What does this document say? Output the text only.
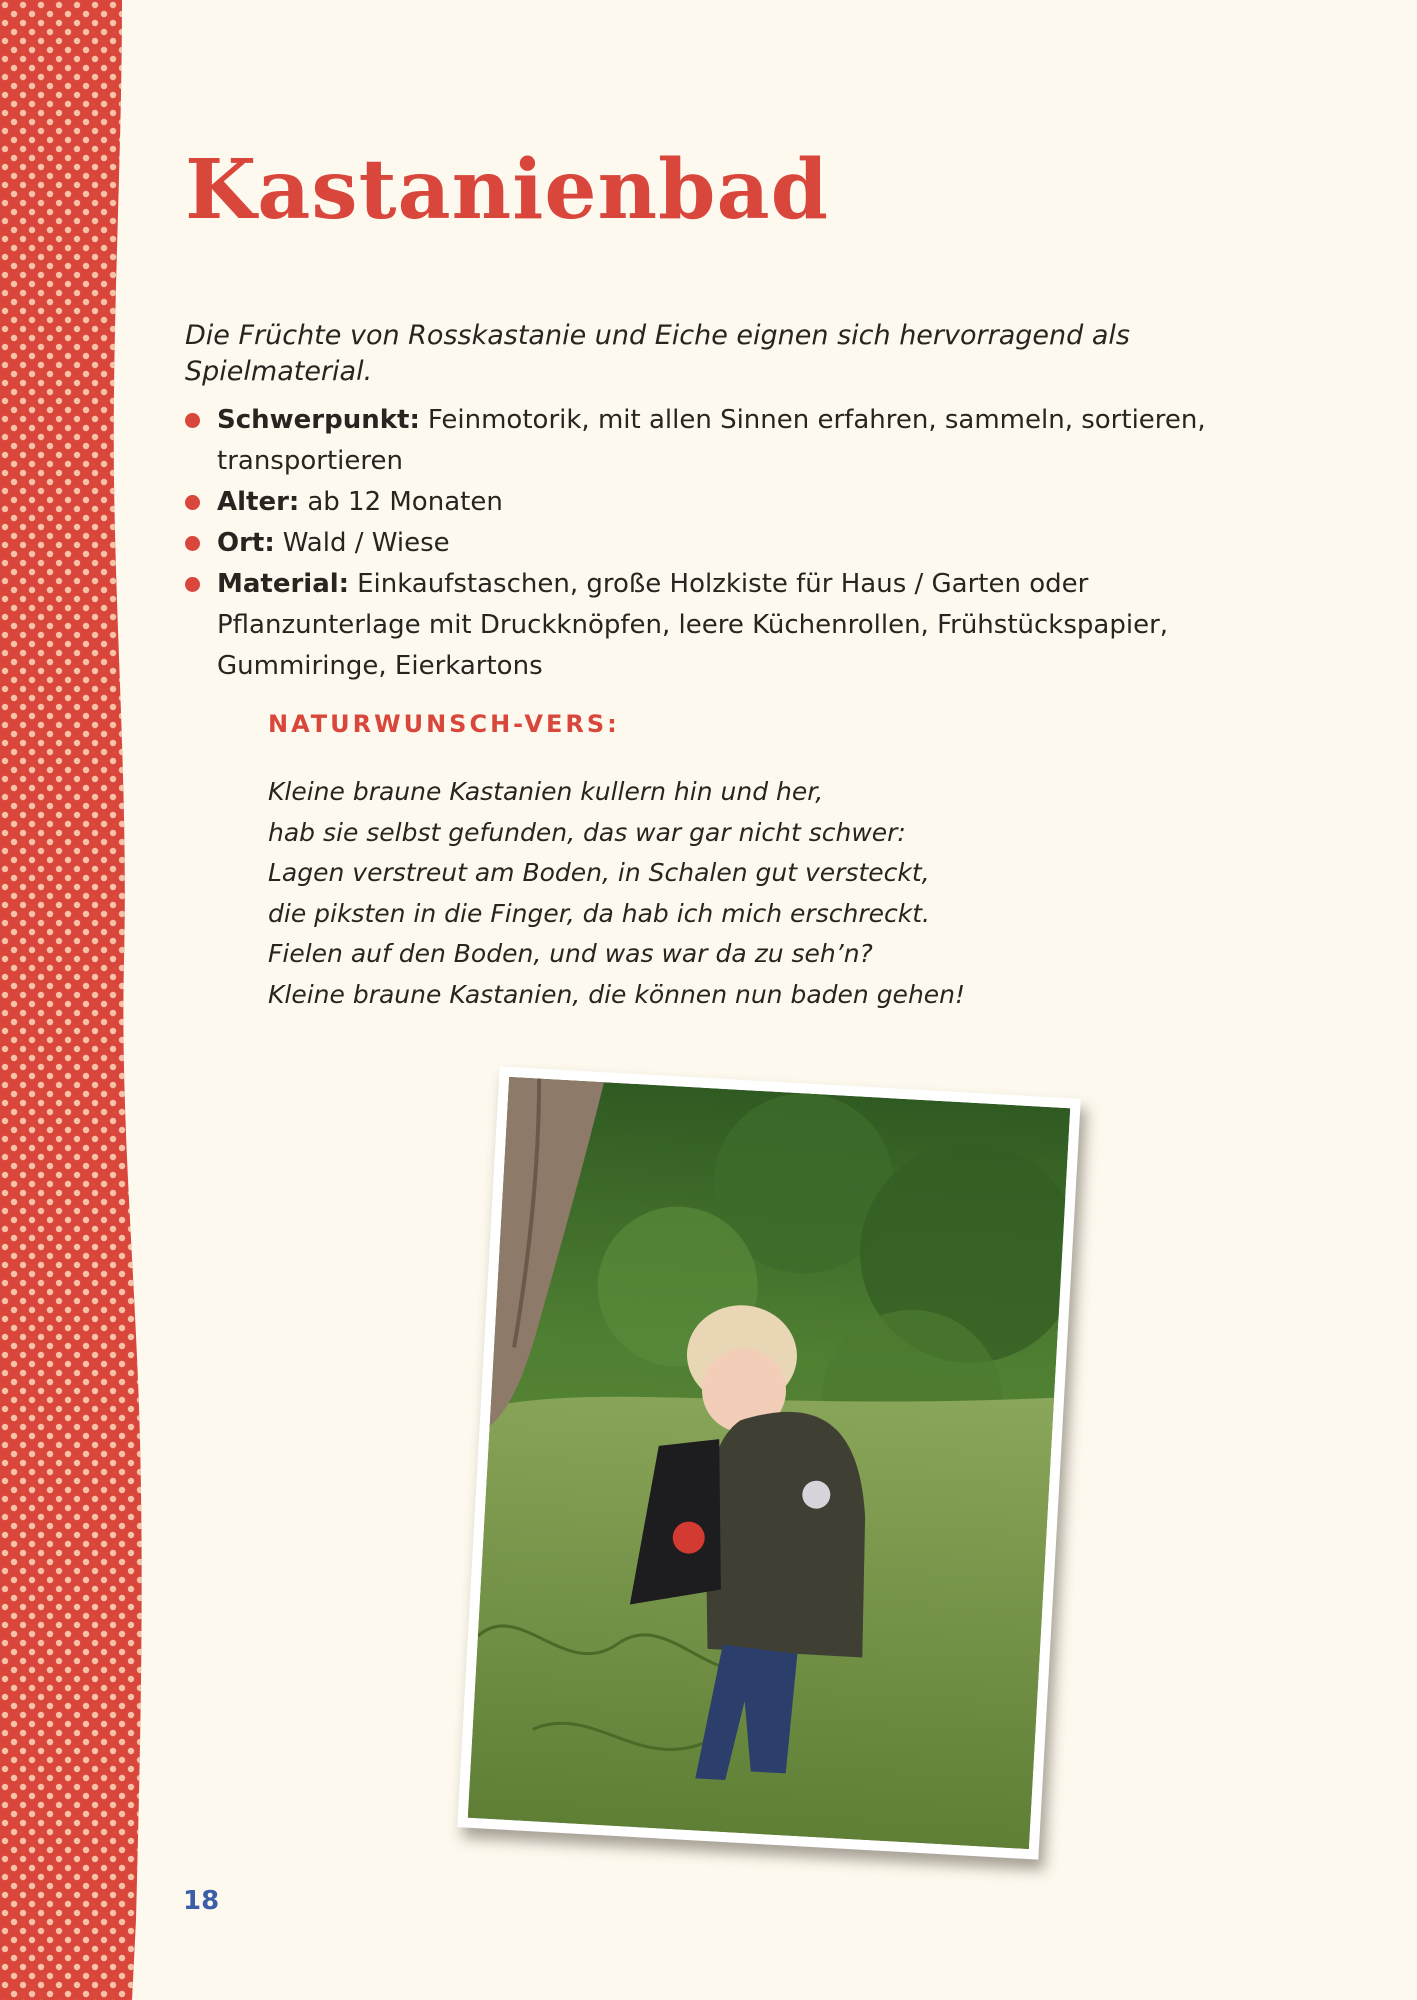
Kastanienbad

Die Früchte von Rosskastanie und Eiche eignen sich hervorragend als Spielmaterial.

Schwerpunkt: Feinmotorik, mit allen Sinnen erfahren, sammeln, sortieren, transportieren
Alter: ab 12 Monaten
Ort: Wald / Wiese
Material: Einkaufstaschen, große Holzkiste für Haus / Garten oder Pflanzunterlage mit Druckknöpfen, leere Küchenrollen, Frühstückspapier, Gummiringe, Eierkartons
NATURWUNSCH-VERS:
Kleine braune Kastanien kullern hin und her,
hab sie selbst gefunden, das war gar nicht schwer:
Lagen verstreut am Boden, in Schalen gut versteckt,
die piksten in die Finger, da hab ich mich erschreckt.
Fielen auf den Boden, und was war da zu seh’n?
Kleine braune Kastanien, die können nun baden gehen!
18
